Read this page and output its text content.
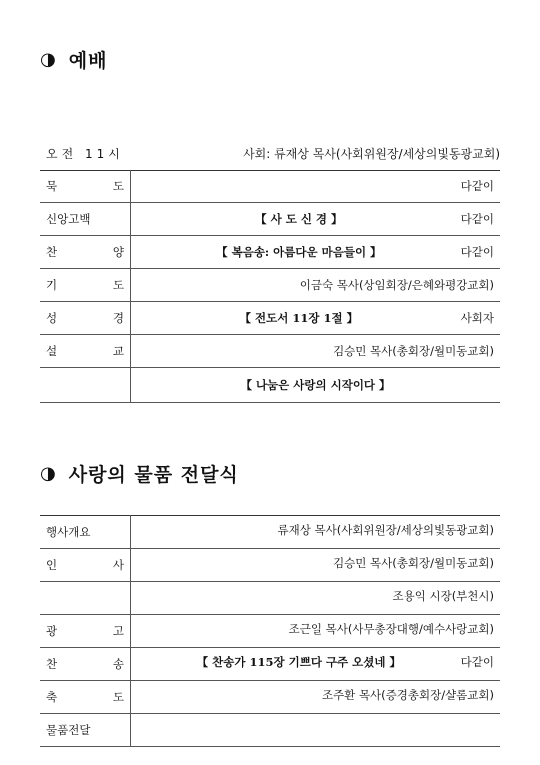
◑ 예배
오전 11시	사회: 류재상 목사(사회위원장/세상의빛동광교회)
묵 도		다같이

신앙고백		【 사 도 신 경 】	다같이

찬 양		【 복음송: 아름다운 마음들이 】	다같이

기 도		이금숙 목사(상임회장/은혜와평강교회)

성 경		【 전도서 11장 1절 】	사회자

설 교		김승민 목사(총회장/월미동교회)

【 나눔은 사랑의 시작이다 】
◑ 사랑의 물품 전달식
행사개요		류재상 목사(사회위원장/세상의빛동광교회)

인 사		김승민 목사(총회장/월미동교회)

조용익 시장(부천시)

광 고		조근일 목사(사무총장대행/예수사랑교회)

찬 송		【 찬송가 115장 기쁘다 구주 오셨네 】	다같이

축 도		조주환 목사(증경총회장/샬롬교회)

물품전달	
